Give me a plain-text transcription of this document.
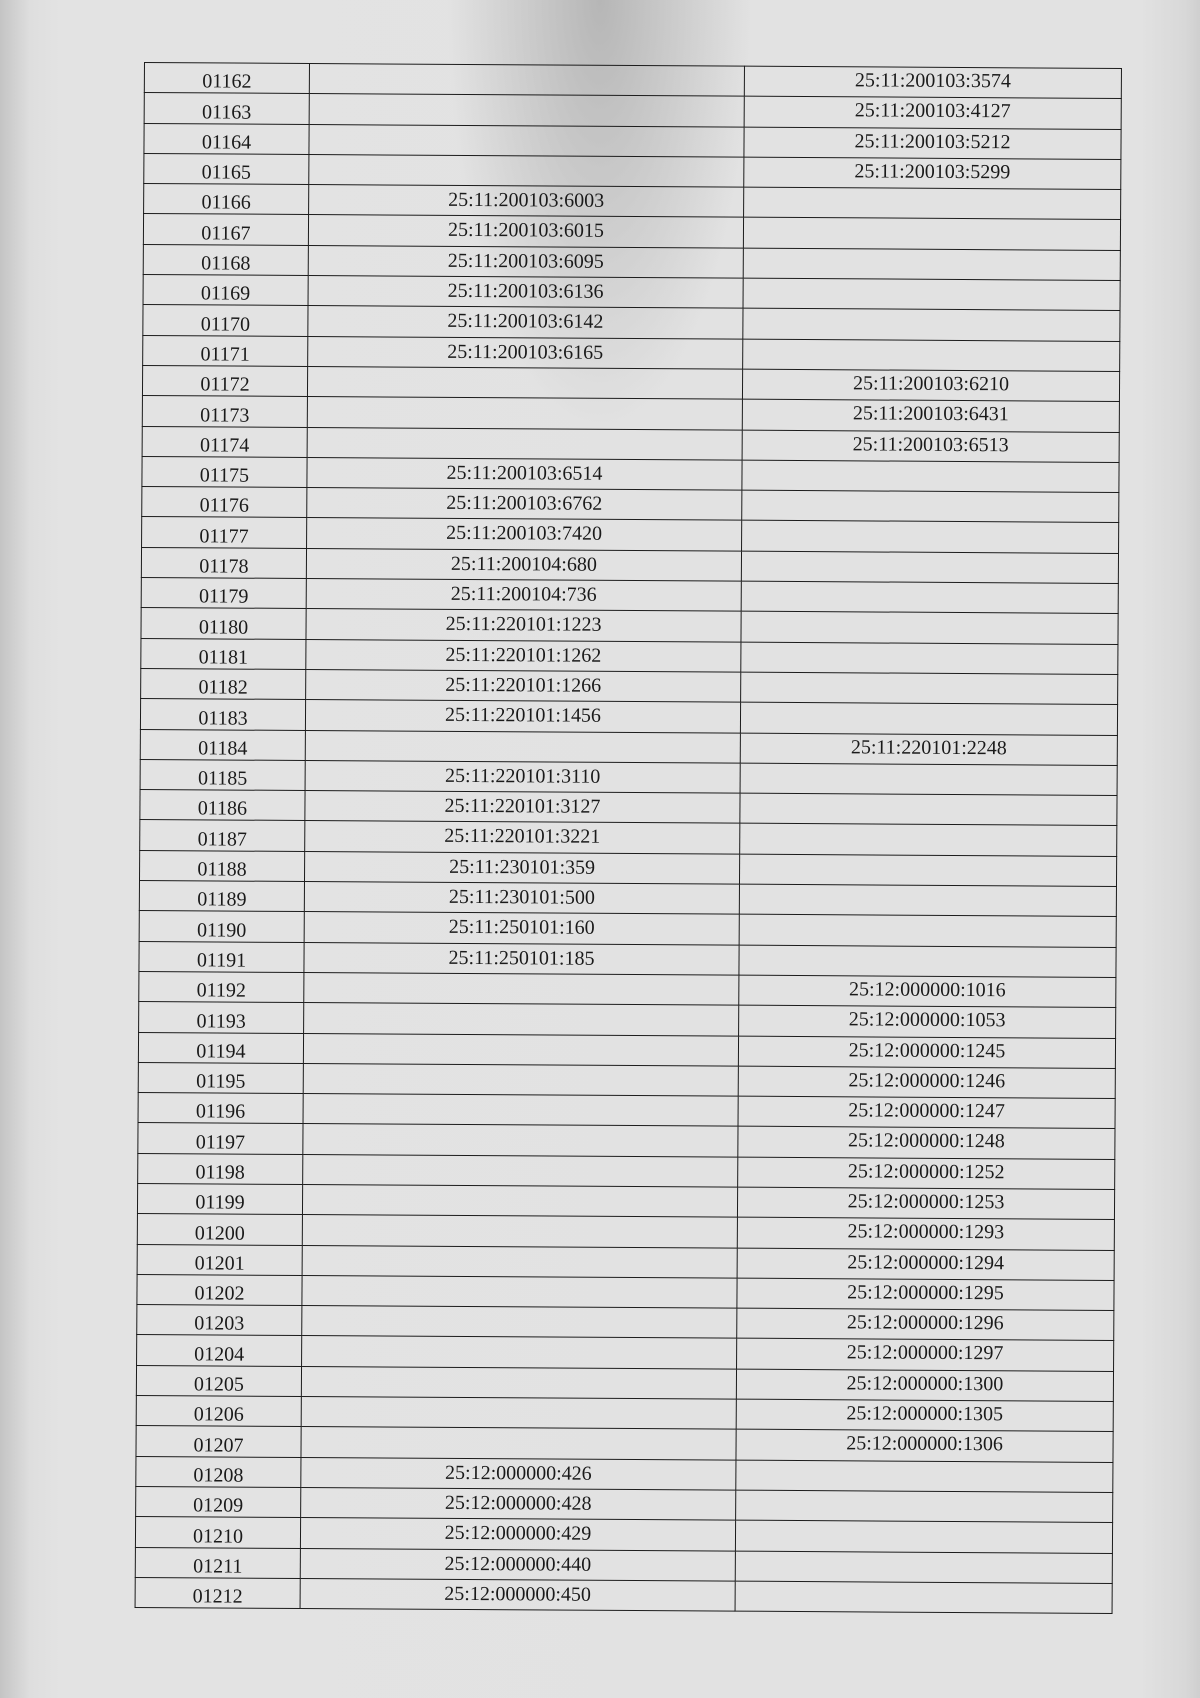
01162		25:11:200103:3574
01163		25:11:200103:4127
01164		25:11:200103:5212
01165		25:11:200103:5299
01166	25:11:200103:6003	
01167	25:11:200103:6015	
01168	25:11:200103:6095	
01169	25:11:200103:6136	
01170	25:11:200103:6142	
01171	25:11:200103:6165	
01172		25:11:200103:6210
01173		25:11:200103:6431
01174		25:11:200103:6513
01175	25:11:200103:6514	
01176	25:11:200103:6762	
01177	25:11:200103:7420	
01178	25:11:200104:680	
01179	25:11:200104:736	
01180	25:11:220101:1223	
01181	25:11:220101:1262	
01182	25:11:220101:1266	
01183	25:11:220101:1456	
01184		25:11:220101:2248
01185	25:11:220101:3110	
01186	25:11:220101:3127	
01187	25:11:220101:3221	
01188	25:11:230101:359	
01189	25:11:230101:500	
01190	25:11:250101:160	
01191	25:11:250101:185	
01192		25:12:000000:1016
01193		25:12:000000:1053
01194		25:12:000000:1245
01195		25:12:000000:1246
01196		25:12:000000:1247
01197		25:12:000000:1248
01198		25:12:000000:1252
01199		25:12:000000:1253
01200		25:12:000000:1293
01201		25:12:000000:1294
01202		25:12:000000:1295
01203		25:12:000000:1296
01204		25:12:000000:1297
01205		25:12:000000:1300
01206		25:12:000000:1305
01207		25:12:000000:1306
01208	25:12:000000:426	
01209	25:12:000000:428	
01210	25:12:000000:429	
01211	25:12:000000:440	
01212	25:12:000000:450	
